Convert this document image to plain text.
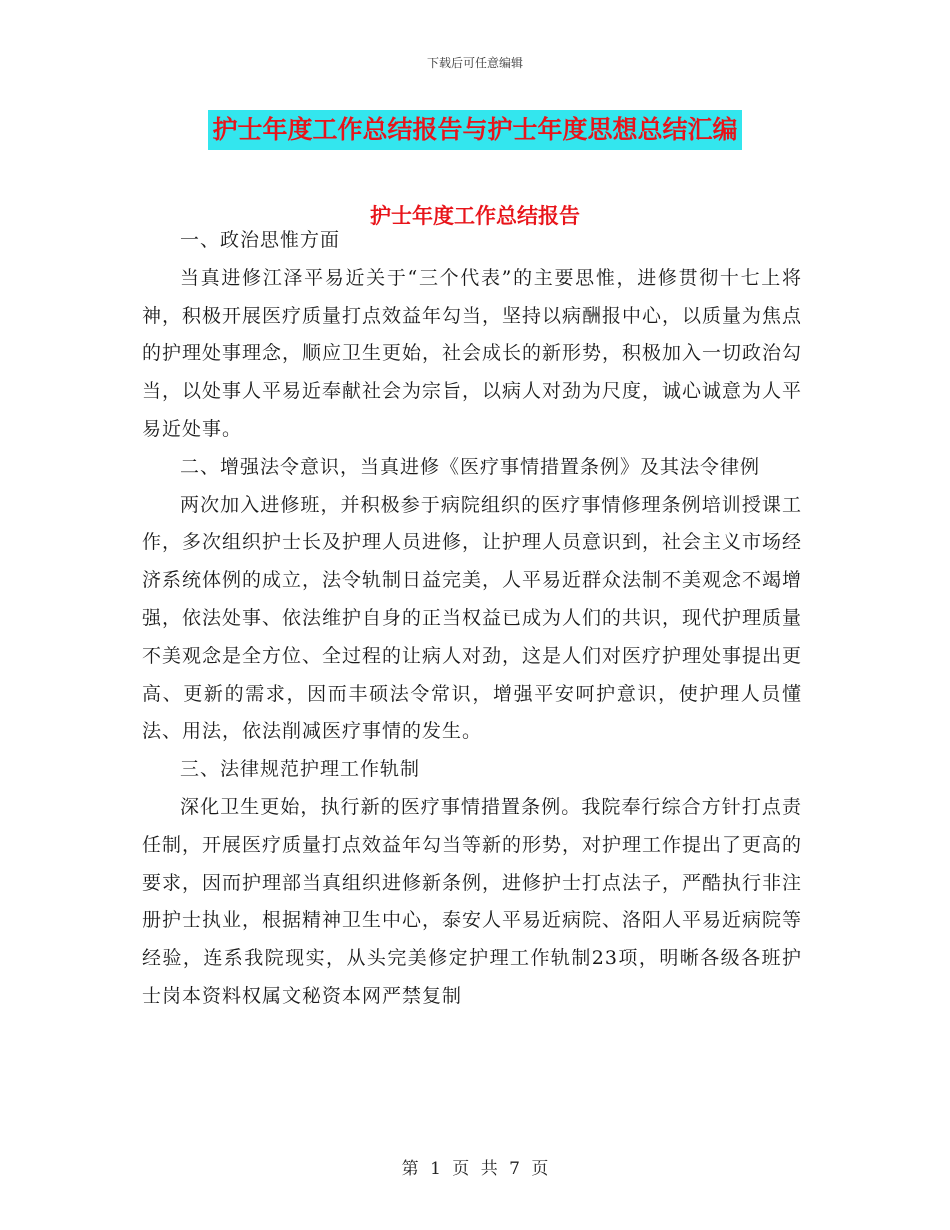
下载后可任意编辑
护士年度工作总结报告与护士年度思想总结汇编
护士年度工作总结报告

一、政治思惟方面

当真进修江泽平易近关于“三个代表”的主要思惟，进修贯彻十七上将神，积极开展医疗质量打点效益年勾当，坚持以病酬报中心，以质量为焦点的护理处事理念，顺应卫生更始，社会成长的新形势，积极加入一切政治勾当，以处事人平易近奉献社会为宗旨，以病人对劲为尺度，诚心诚意为人平易近处事。

二、增强法令意识，当真进修《医疗事情措置条例》及其法令律例

两次加入进修班，并积极参于病院组织的医疗事情修理条例培训授课工作，多次组织护士长及护理人员进修，让护理人员意识到，社会主义市场经济系统体例的成立，法令轨制日益完美，人平易近群众法制不美观念不竭增强，依法处事、依法维护自身的正当权益已成为人们的共识，现代护理质量不美观念是全方位、全过程的让病人对劲，这是人们对医疗护理处事提出更高、更新的需求，因而丰硕法令常识，增强平安呵护意识，使护理人员懂法、用法，依法削减医疗事情的发生。

三、法律规范护理工作轨制

深化卫生更始，执行新的医疗事情措置条例。我院奉行综合方针打点责任制，开展医疗质量打点效益年勾当等新的形势，对护理工作提出了更高的要求，因而护理部当真组织进修新条例，进修护士打点法子，严酷执行非注册护士执业，根据精神卫生中心，泰安人平易近病院、洛阳人平易近病院等经验，连系我院现实，从头完美修定护理工作轨制23项，明晰各级各班护士岗本资料权属文秘资本网严禁复制

第 1 页 共 7 页
